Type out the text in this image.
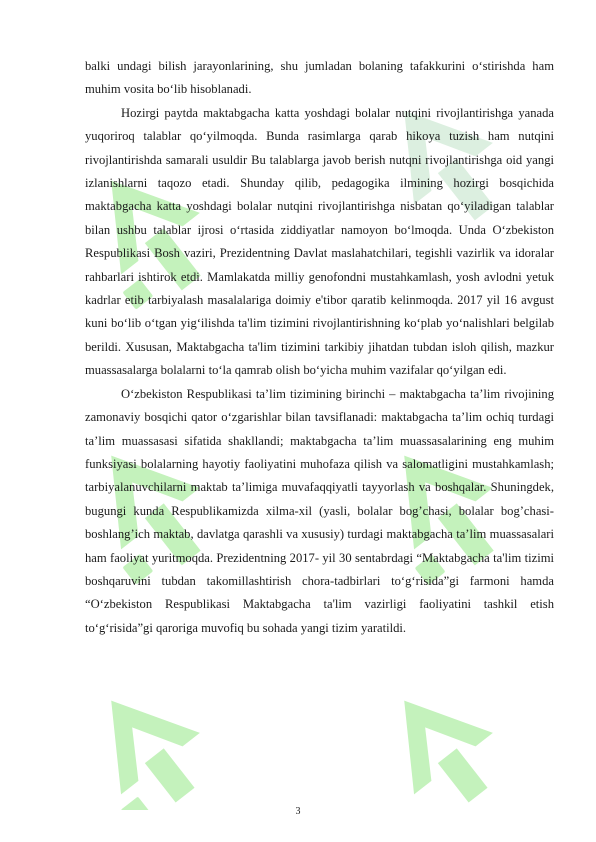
balki undagi bilish jarayonlarining, shu jumladan bolaning tafakkurini o‘stirishda ham muhim vosita bo‘lib hisoblanadi.

Hozirgi paytda maktabgacha katta yoshdagi bolalar nutqini rivojlantirishga yanada yuqoriroq talablar qo‘yilmoqda. Bunda rasimlarga qarab hikoya tuzish ham nutqini rivojlantirishda samarali usuldir Bu talablarga javob berish nutqni rivojlantirishga oid yangi izlanishlarni taqozo etadi. Shunday qilib, pedagogika ilmining hozirgi bosqichida maktabgacha katta yoshdagi bolalar nutqini rivojlantirishga nisbatan qo‘yiladigan talablar bilan ushbu talablar ijrosi o‘rtasida ziddiyatlar namoyon bo‘lmoqda. Unda O‘zbekiston Respublikasi Bosh vaziri, Prezidentning Davlat maslahatchilari, tegishli vazirlik va idoralar rahbarlari ishtirok etdi. Mamlakatda milliy genofondni mustahkamlash, yosh avlodni yetuk kadrlar etib tarbiyalash masalalariga doimiy e'tibor qaratib kelinmoqda. 2017 yil 16 avgust kuni bo‘lib o‘tgan yig‘ilishda ta'lim tizimini rivojlantirishning ko‘plab yo‘nalishlari belgilab berildi. Xususan, Maktabgacha ta'lim tizimini tarkibiy jihatdan tubdan isloh qilish, mazkur muassasalarga bolalarni to‘la qamrab olish bo‘yicha muhim vazifalar qo‘yilgan edi.

O‘zbekiston Respublikasi ta’lim tizimining birinchi – maktabgacha ta’lim rivojining zamonaviy bosqichi qator o‘zgarishlar bilan tavsiflanadi: maktabgacha ta’lim ochiq turdagi ta’lim muassasasi sifatida shakllandi; maktabgacha ta’lim muassasalarining eng muhim funksiyasi bolalarning hayotiy faoliyatini muhofaza qilish va salomatligini mustahkamlash; tarbiyalanuvchilarni maktab ta’limiga muvafaqqiyatli tayyorlash va boshqalar. Shuningdek, bugungi kunda Respublikamizda xilma-xil (yasli, bolalar bog’chasi, bolalar bog’chasi-boshlang’ich maktab, davlatga qarashli va xususiy) turdagi maktabgacha ta’lim muassasalari ham faoliyat yuritmoqda. Prezidentning 2017- yil 30 sentabrdagi “Maktabgacha ta'lim tizimi boshqaruvini tubdan takomillashtirish chora-tadbirlari to‘g‘risida”gi farmoni hamda “O‘zbekiston Respublikasi Maktabgacha ta'lim vazirligi faoliyatini tashkil etish to‘g‘risida”gi qaroriga muvofiq bu sohada yangi tizim yaratildi.

3
